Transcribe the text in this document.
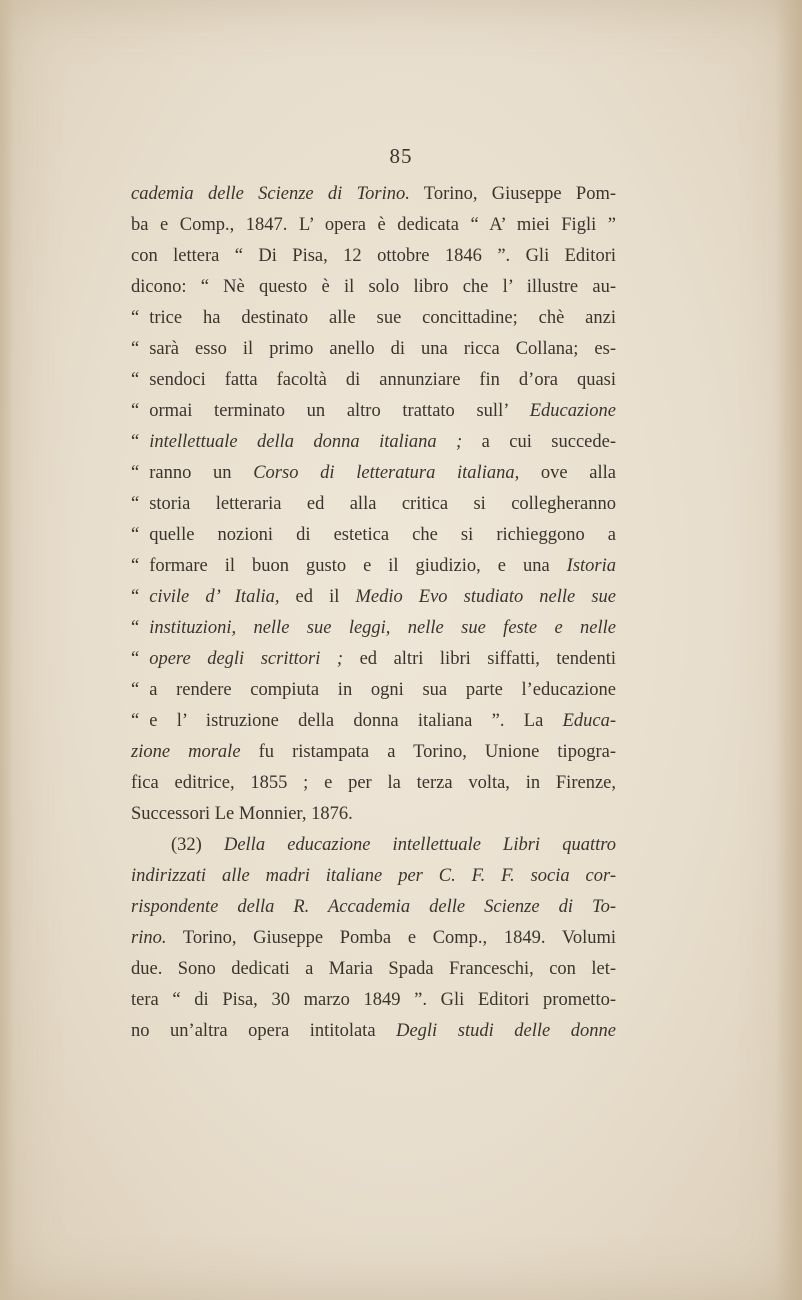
85
cademia delle Scienze di Torino. Torino, Giuseppe Pom-
ba e Comp., 1847. L’ opera è dedicata “ A’ miei Figli ”
con lettera “ Di Pisa, 12 ottobre 1846 ”. Gli Editori
dicono: “ Nè questo è il solo libro che l’ illustre au-
“ trice ha destinato alle sue concittadine; chè anzi
“ sarà esso il primo anello di una ricca Collana; es-
“ sendoci fatta facoltà di annunziare fin d’ora quasi
“ ormai terminato un altro trattato sull’ Educazione
“ intellettuale della donna italiana ; a cui succede-
“ ranno un Corso di letteratura italiana, ove alla
“ storia letteraria ed alla critica si collegheranno
“ quelle nozioni di estetica che si richieggono a
“ formare il buon gusto e il giudizio, e una Istoria
“ civile d’ Italia, ed il Medio Evo studiato nelle sue
“ instituzioni, nelle sue leggi, nelle sue feste e nelle
“ opere degli scrittori ; ed altri libri siffatti, tendenti
“ a rendere compiuta in ogni sua parte l’educazione
“ e l’ istruzione della donna italiana ”. La Educa-
zione morale fu ristampata a Torino, Unione tipogra-
fica editrice, 1855 ; e per la terza volta, in Firenze,
Successori Le Monnier, 1876.
(32) Della educazione intellettuale Libri quattro
indirizzati alle madri italiane per C. F. F. socia cor-
rispondente della R. Accademia delle Scienze di To-
rino. Torino, Giuseppe Pomba e Comp., 1849. Volumi
due. Sono dedicati a Maria Spada Franceschi, con let-
tera “ di Pisa, 30 marzo 1849 ”. Gli Editori prometto-
no un’altra opera intitolata Degli studi delle donne
